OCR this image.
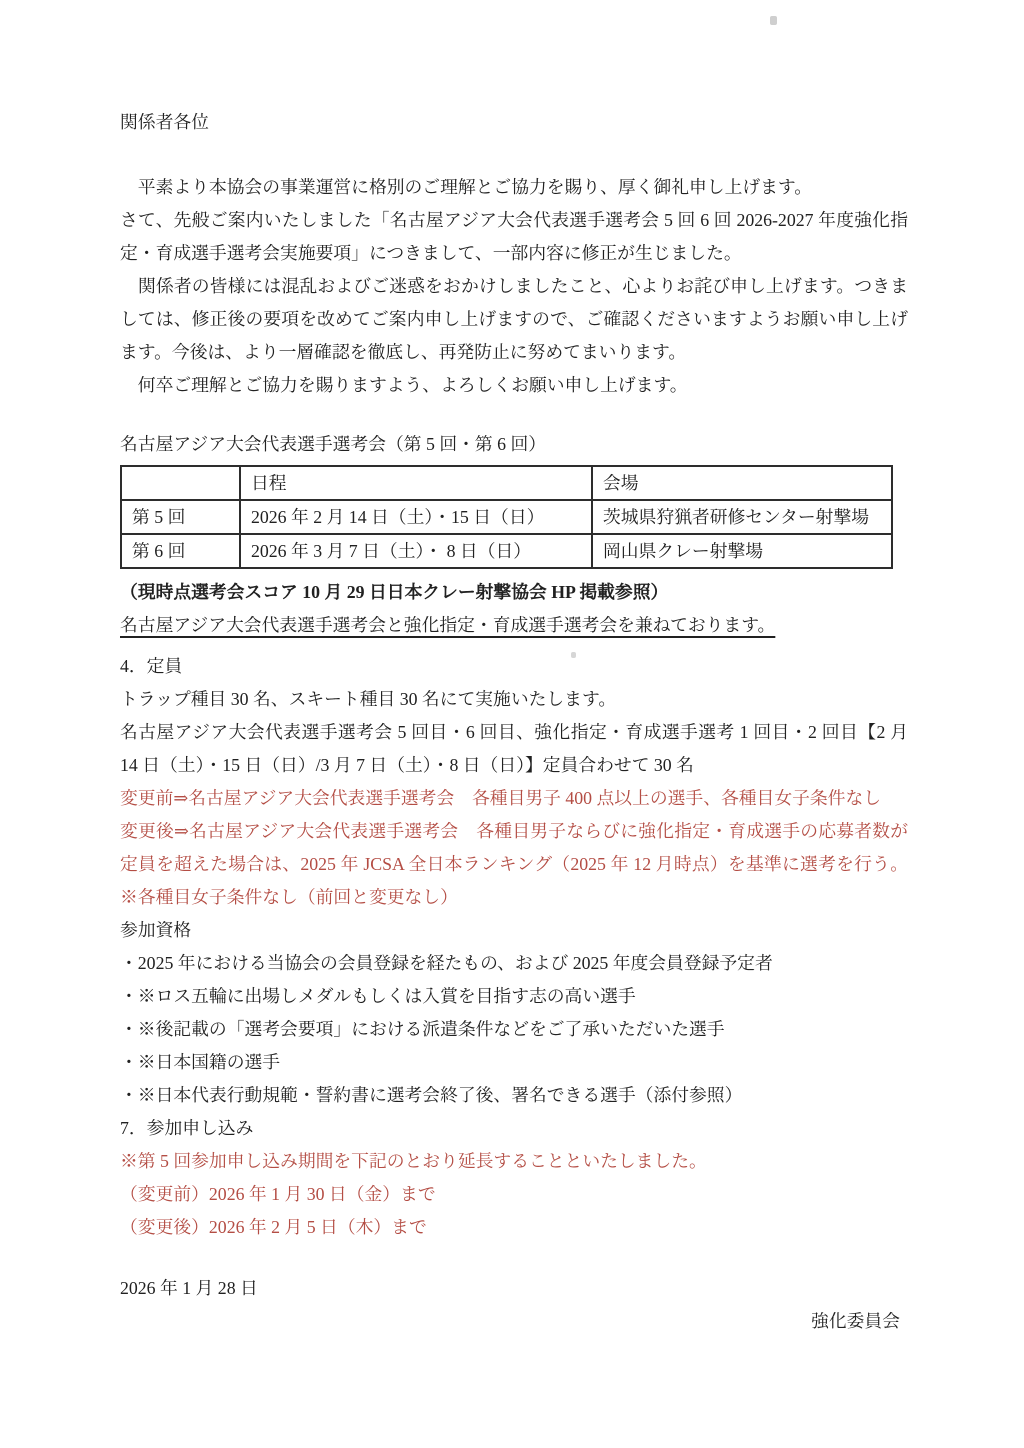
関係者各位

　平素より本協会の事業運営に格別のご理解とご協力を賜り、厚く御礼申し上げます。

さて、先般ご案内いたしました「名古屋アジア大会代表選手選考会 5 回 6 回 2026-2027 年度強化指定・育成選手選考会実施要項」につきまして、一部内容に修正が生じました。

　関係者の皆様には混乱およびご迷惑をおかけしましたこと、心よりお詫び申し上げます。つきましては、修正後の要項を改めてご案内申し上げますので、ご確認くださいますようお願い申し上げます。今後は、より一層確認を徹底し、再発防止に努めてまいります。

　何卒ご理解とご協力を賜りますよう、よろしくお願い申し上げます。

名古屋アジア大会代表選手選考会（第 5 回・第 6 回）

	日程	会場
第 5 回	2026 年 2 月 14 日（土）・15 日（日）	茨城県狩猟者研修センター射撃場
第 6 回	2026 年 3 月 7 日（土）・ 8 日（日）	岡山県クレー射撃場

（現時点選考会スコア 10 月 29 日日本クレー射撃協会 HP 掲載参照）

名古屋アジア大会代表選手選考会と強化指定・育成選手選考会を兼ねております。

4．定員

トラップ種目 30 名、スキート種目 30 名にて実施いたします。

名古屋アジア大会代表選手選考会 5 回目・6 回目、強化指定・育成選手選考 1 回目・2 回目【2 月 14 日（土）・15 日（日）/3 月 7 日（土）・8 日（日）】定員合わせて 30 名

変更前⇒名古屋アジア大会代表選手選考会　各種目男子 400 点以上の選手、各種目女子条件なし

変更後⇒名古屋アジア大会代表選手選考会　各種目男子ならびに強化指定・育成選手の応募者数が定員を超えた場合は、2025 年 JCSA 全日本ランキング（2025 年 12 月時点）を基準に選考を行う。※各種目女子条件なし（前回と変更なし）

参加資格

・2025 年における当協会の会員登録を経たもの、および 2025 年度会員登録予定者

・※ロス五輪に出場しメダルもしくは入賞を目指す志の高い選手

・※後記載の「選考会要項」における派遣条件などをご了承いただいた選手

・※日本国籍の選手

・※日本代表行動規範・誓約書に選考会終了後、署名できる選手（添付参照）

7．参加申し込み

※第 5 回参加申し込み期間を下記のとおり延長することといたしました。

（変更前）2026 年 1 月 30 日（金）まで

（変更後）2026 年 2 月 5 日（木）まで

2026 年 1 月 28 日

強化委員会
